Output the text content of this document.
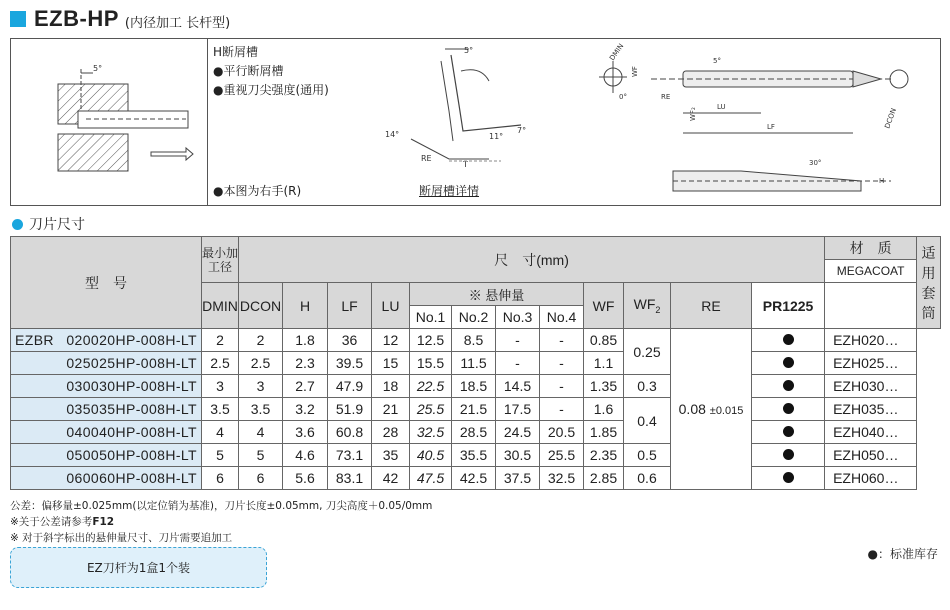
EZB-HP (内径加工 长杆型)
5°
H断屑槽
●平行断屑槽
●重视刀尖强度(通用)
●本图为右手(R)
5°
11°
7°
RE
T
14°
断屑槽详情
DMIN
0°
WF
RE
WF₂	DCON
LU
LF
5°
30°
H
刀片尺寸
型　号	最小加工径	尺　寸(mm)												材　质	适用套筒
														MEGACOAT	
	DMIN	DCON	H	LF	LU	※ 悬伸量				WF	$WF_2$	RE	PR1225		
						No.1	No.2	No.3	No.4						

EZBR 020020HP-008H-LT	2	2	1.8	36	12	12.5	8.5	-	-	0.85	0.25	0.08 ±0.015		EZH020…	
025025HP-008H-LT	2.5	2.5	2.3	39.5	15	15.5	11.5	-	-	1.1				EZH025…	
030030HP-008H-LT	3	3	2.7	47.9	18	22.5	18.5	14.5	-	1.35	0.3			EZH030…	
035035HP-008H-LT	3.5	3.5	3.2	51.9	21	25.5	21.5	17.5	-	1.6	0.4			EZH035…	
040040HP-008H-LT	4	4	3.6	60.8	28	32.5	28.5	24.5	20.5	1.85				EZH040…	
050050HP-008H-LT	5	5	4.6	73.1	35	40.5	35.5	30.5	25.5	2.35	0.5			EZH050…	
060060HP-008H-LT	6	6	5.6	83.1	42	47.5	42.5	37.5	32.5	2.85	0.6			EZH060…	
公差：偏移量±0.025mm(以定位销为基准)，刀片长度±0.05mm, 刀尖高度＋0.05/0mm
※关于公差请参考F12
※ 对于斜字标出的悬伸量尺寸、刀片需要追加工
EZ刀杆为1盒1个装
●：标准库存
